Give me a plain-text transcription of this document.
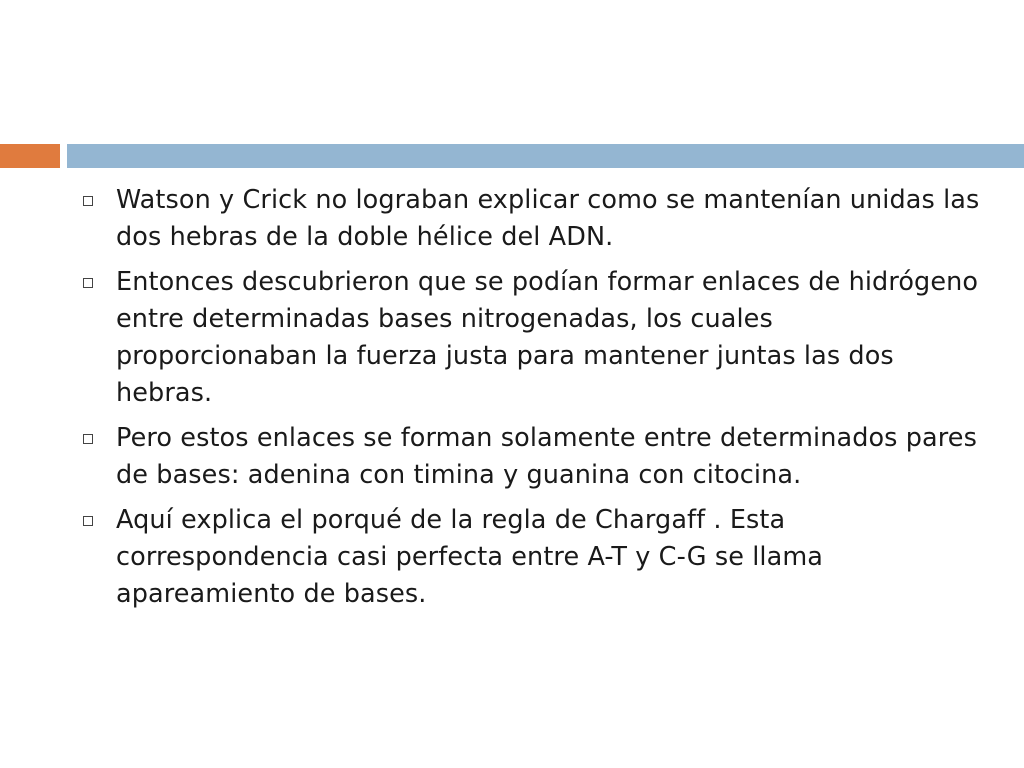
Watson y Crick no lograban explicar como se mantenían unidas las dos hebras de la doble hélice del ADN.
Entonces descubrieron que se podían formar enlaces de hidrógeno entre determinadas bases nitrogenadas, los cuales proporcionaban la fuerza justa para mantener juntas las dos hebras.
Pero estos enlaces se forman solamente entre determinados pares de bases: adenina con timina y guanina con citocina.
Aquí explica el porqué de la regla de Chargaff . Esta correspondencia casi perfecta entre A-T y C-G se llama apareamiento de bases.
